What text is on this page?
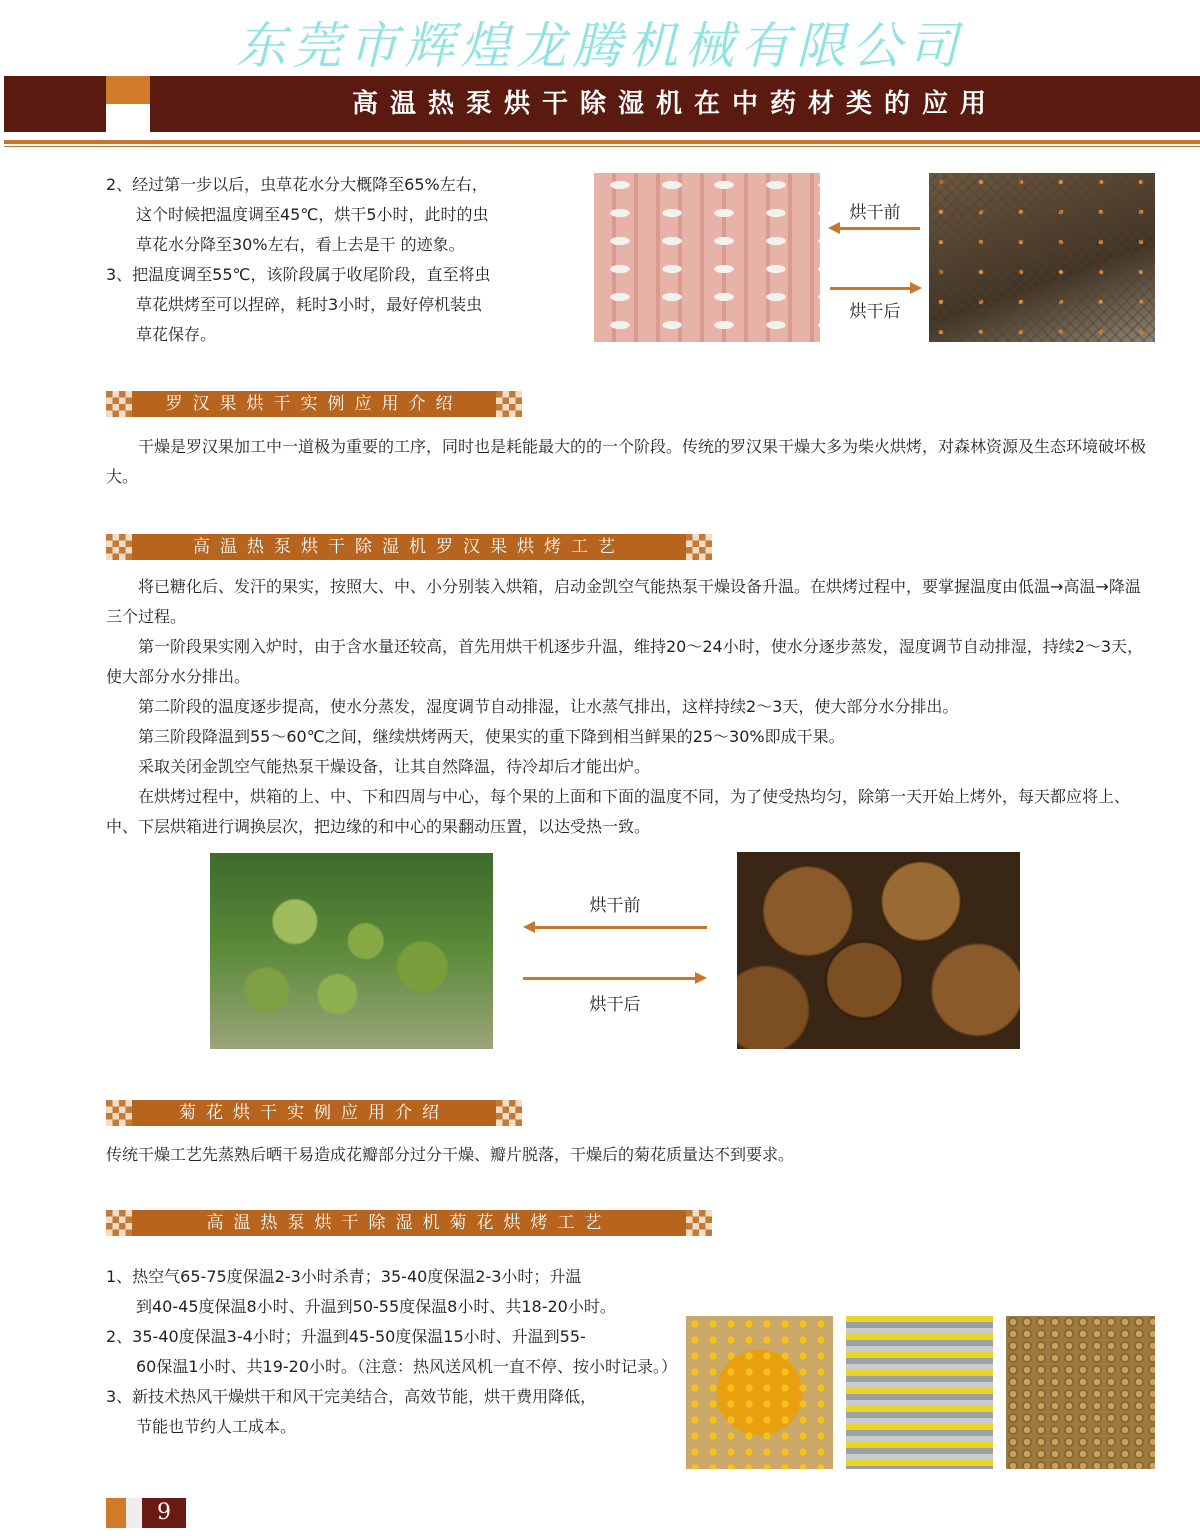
东莞市辉煌龙腾机械有限公司
高温热泵烘干除湿机在中药材类的应用
2、经过第一步以后，虫草花水分大概降至65%左右，
这个时候把温度调至45℃，烘干5小时，此时的虫
草花水分降至30%左右，看上去是干 的迹象。
3、把温度调至55℃，该阶段属于收尾阶段，直至将虫
草花烘烤至可以捏碎，耗时3小时，最好停机装虫
草花保存。
烘干前
烘干后
罗汉果烘干实例应用介绍
干燥是罗汉果加工中一道极为重要的工序，同时也是耗能最大的的一个阶段。传统的罗汉果干燥大多为柴火烘烤，对森林资源及生态环境破坏极大。
高温热泵烘干除湿机罗汉果烘烤工艺
将已糖化后、发汗的果实，按照大、中、小分别装入烘箱，启动金凯空气能热泵干燥设备升温。在烘烤过程中，要掌握温度由低温→高温→降温三个过程。
第一阶段果实刚入炉时，由于含水量还较高，首先用烘干机逐步升温，维持20～24小时，使水分逐步蒸发，湿度调节自动排湿，持续2～3天，使大部分水分排出。
第二阶段的温度逐步提高，使水分蒸发，湿度调节自动排湿，让水蒸气排出，这样持续2～3天，使大部分水分排出。
第三阶段降温到55～60℃之间，继续烘烤两天，使果实的重下降到相当鲜果的25～30%即成干果。
采取关闭金凯空气能热泵干燥设备，让其自然降温，待冷却后才能出炉。
在烘烤过程中，烘箱的上、中、下和四周与中心，每个果的上面和下面的温度不同，为了使受热均匀，除第一天开始上烤外，每天都应将上、中、下层烘箱进行调换层次，把边缘的和中心的果翻动压置，以达受热一致。
烘干前
烘干后
菊花烘干实例应用介绍
传统干燥工艺先蒸熟后晒干易造成花瓣部分过分干燥、瓣片脱落，干燥后的菊花质量达不到要求。
高温热泵烘干除湿机菊花烘烤工艺
1、热空气65-75度保温2-3小时杀青；35-40度保温2-3小时；升温
到40-45度保温8小时、升温到50-55度保温8小时、共18-20小时。
2、35-40度保温3-4小时；升温到45-50度保温15小时、升温到55-
60保温1小时、共19-20小时。（注意：热风送风机一直不停、按小时记录。）
3、新技术热风干燥烘干和风干完美结合，高效节能，烘干费用降低，
节能也节约人工成本。
9
